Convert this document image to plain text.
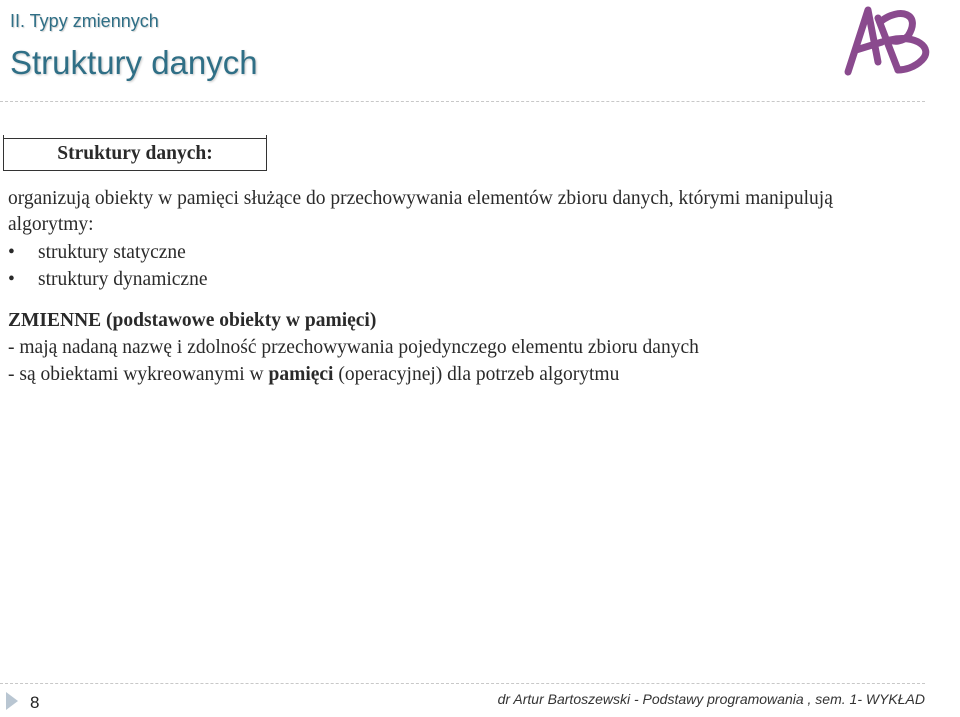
II. Typy zmiennych
Struktury danych
Struktury danych:
organizują obiekty w pamięci służące do przechowywania elementów zbioru danych, którymi manipulują
algorytmy:
• struktury statyczne
• struktury dynamiczne
ZMIENNE (podstawowe obiekty w pamięci)
- mają nadaną nazwę i zdolność przechowywania pojedynczego elementu zbioru danych
- są obiektami wykreowanymi w pamięci (operacyjnej) dla potrzeb algorytmu
8	dr Artur Bartoszewski - Podstawy programowania , sem. 1- WYKŁAD
